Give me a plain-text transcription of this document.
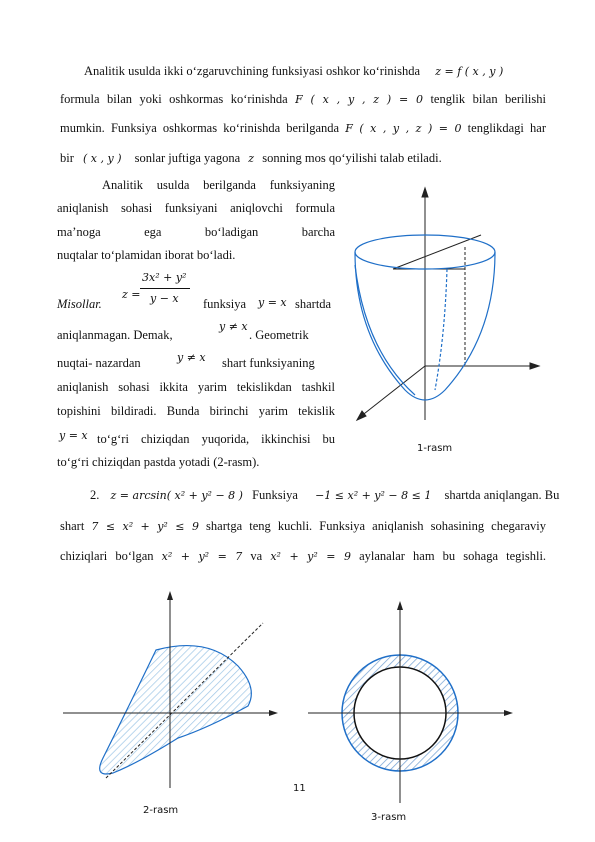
Analitik usulda ikki o‘zgaruvchining funksiyasi oshkor ko‘rinishda z = f ( x , y )
formula bilan yoki oshkormas ko‘rinishda F ( x , y , z ) = 0 tenglik bilan berilishi
mumkin. Funksiya oshkormas ko‘rinishda berilganda F ( x , y , z ) = 0 tenglikdagi har
bir ( x , y ) sonlar juftiga yagona z sonning mos qo‘yilishi talab etiladi.
Analitik usulda berilganda funksiyaning
aniqlanish sohasi funksiyani aniqlovchi formula
ma’noga ega bo‘ladigan barcha
nuqtalar to‘plamidan iborat bo‘ladi.
Misollar.
z =
3x² + y²
y − x funksiya y = x shartda
aniqlanmagan. Demak,
y ≠ x
. Geometrik
nuqtai- nazardan	y ≠ x shart funksiyaning
aniqlanish sohasi ikkita yarim tekislikdan tashkil
topishini bildiradi. Bunda birinchi yarim tekislik
y = x to‘g‘ri chiziqdan yuqorida, ikkinchisi bu
to‘g‘ri chiziqdan pastda yotadi (2-rasm).
1-rasm
2. z = arcsin( x² + y² − 8 ) Funksiya −1 ≤ x² + y² − 8 ≤ 1 shartda aniqlangan. Bu
shart 7 ≤ x² + y² ≤ 9 shartga teng kuchli. Funksiya aniqlanish sohasining chegaraviy
chiziqlari bo‘lgan x² + y² = 7 va x² + y² = 9 aylanalar ham bu sohaga tegishli.
2-rasm
3-rasm
11
